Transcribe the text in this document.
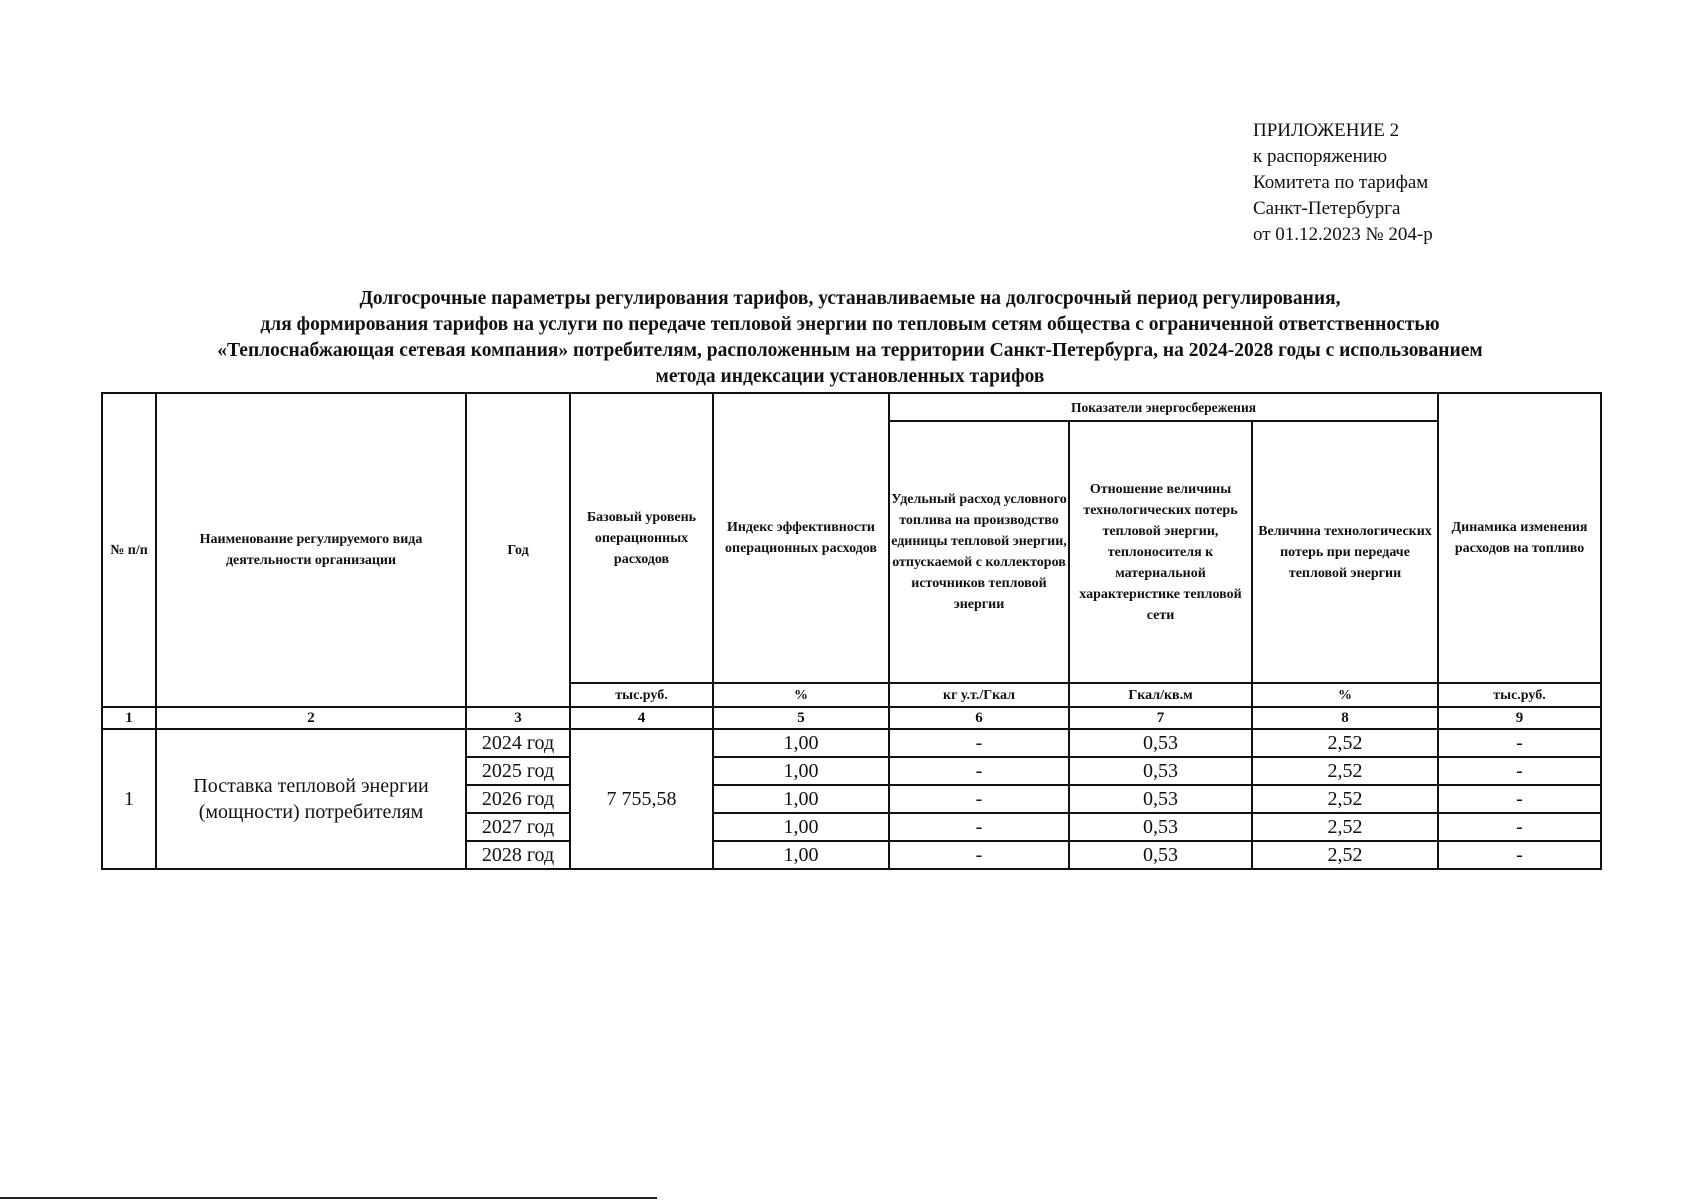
ПРИЛОЖЕНИЕ 2
к распоряжению
Комитета по тарифам
Санкт-Петербурга
от 01.12.2023 № 204-р
Долгосрочные параметры регулирования тарифов, устанавливаемые на долгосрочный период регулирования,
для формирования тарифов на услуги по передаче тепловой энергии по тепловым сетям общества с ограниченной ответственностью
«Теплоснабжающая сетевая компания» потребителям, расположенным на территории Санкт-Петербурга, на 2024-2028 годы с использованием
метода индексации установленных тарифов
№ п/п	Наименование регулируемого вида деятельности организации	Год	Базовый уровень операционных расходов	Индекс эффективности операционных расходов	Показатели энергосбережения			Динамика изменения расходов на топливо
					Удельный расход условного топлива на производство единицы тепловой энергии, отпускаемой с коллекторов источников тепловой энергии	Отношение величины технологических потерь тепловой энергии, теплоносителя к материальной характеристике тепловой сети	Величина технологических потерь при передаче тепловой энергии	
			тыс.руб.	%	кг у.т./Гкал	Гкал/кв.м	%	тыс.руб.
1	2	3	4	5	6	7	8	9
1	Поставка тепловой энергии (мощности) потребителям	2024 год	7 755,58	1,00	-	0,53	2,52	-
		2025 год		1,00	-	0,53	2,52	-
		2026 год		1,00	-	0,53	2,52	-
		2027 год		1,00	-	0,53	2,52	-
		2028 год		1,00	-	0,53	2,52	-
